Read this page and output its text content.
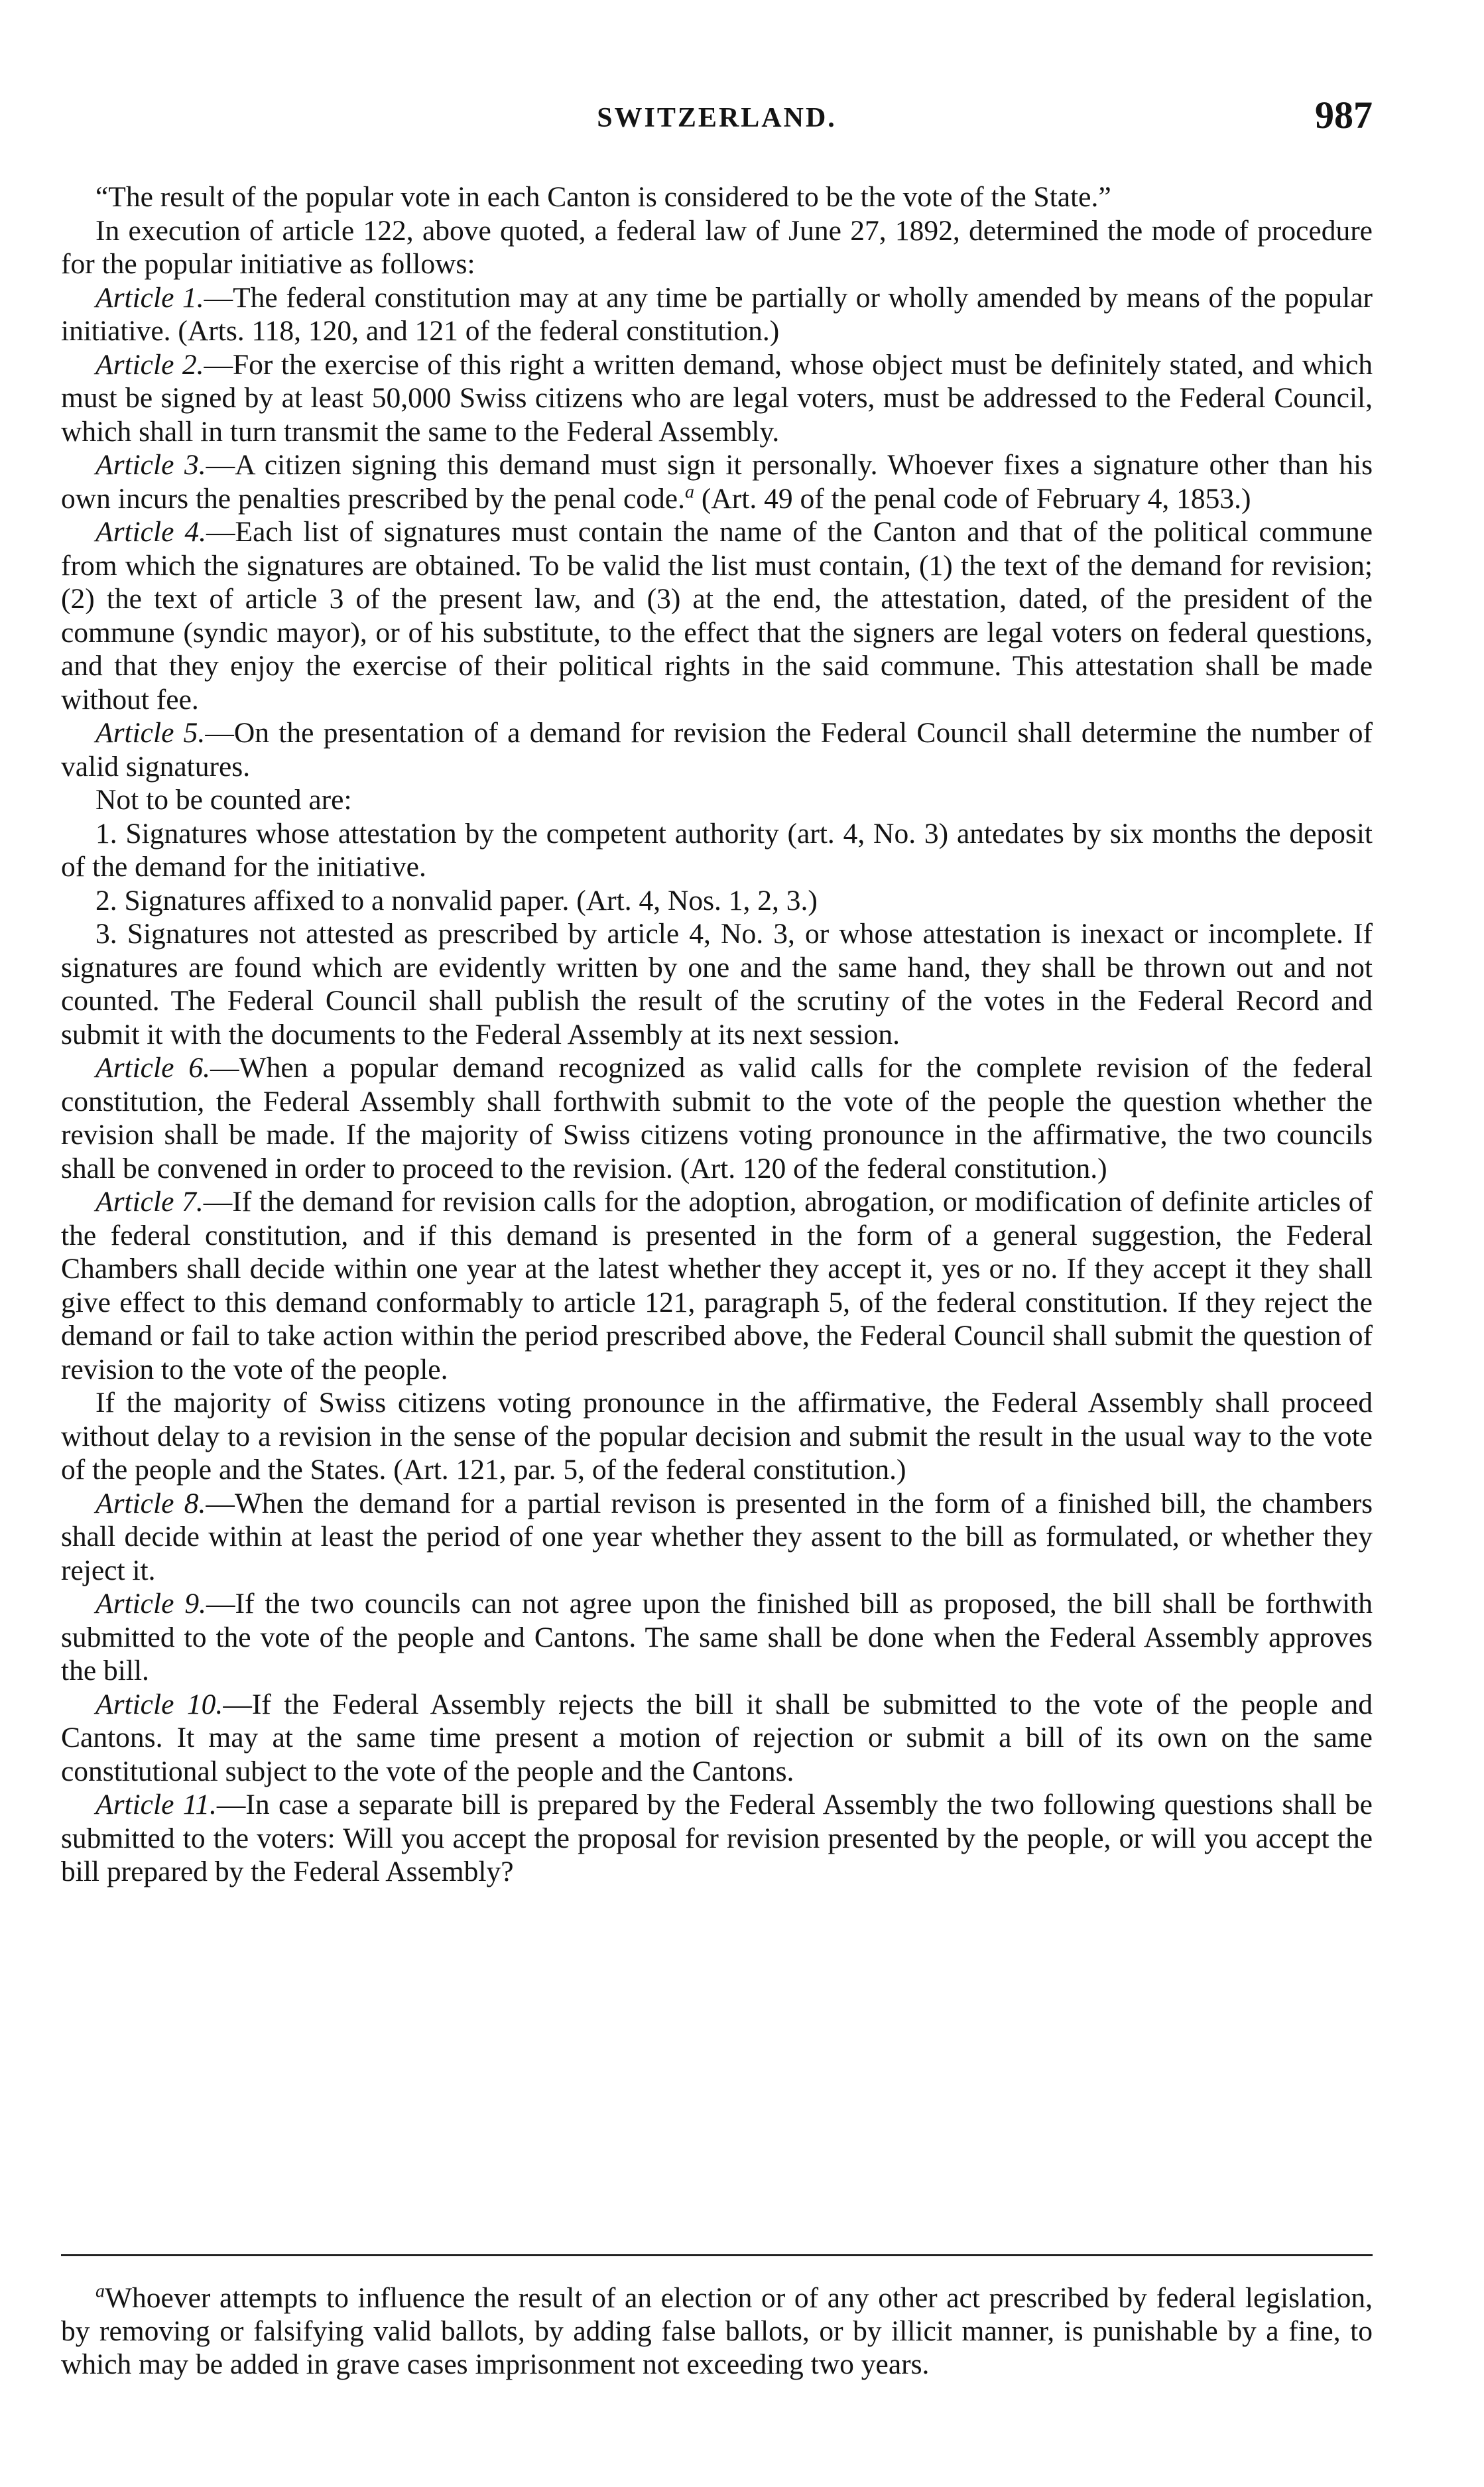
SWITZERLAND.	987

“The result of the popular vote in each Canton is considered to be the vote of the State.”

In execution of article 122, above quoted, a federal law of June 27, 1892, determined the mode of procedure for the popular initiative as follows:

Article 1.—The federal constitution may at any time be partially or wholly amended by means of the popular initiative. (Arts. 118, 120, and 121 of the federal constitution.)

Article 2.—For the exercise of this right a written demand, whose object must be definitely stated, and which must be signed by at least 50,000 Swiss citizens who are legal voters, must be addressed to the Federal Council, which shall in turn transmit the same to the Federal Assembly.

Article 3.—A citizen signing this demand must sign it personally. Whoever fixes a signature other than his own incurs the penalties prescribed by the penal code.$^a$ (Art. 49 of the penal code of February 4, 1853.)

Article 4.—Each list of signatures must contain the name of the Canton and that of the political commune from which the signatures are obtained. To be valid the list must contain, (1) the text of the demand for revision; (2) the text of article 3 of the present law, and (3) at the end, the attestation, dated, of the president of the commune (syndic mayor), or of his substitute, to the effect that the signers are legal voters on federal questions, and that they enjoy the exercise of their political rights in the said commune. This attestation shall be made without fee.

Article 5.—On the presentation of a demand for revision the Federal Council shall determine the number of valid signatures.

Not to be counted are:

1. Signatures whose attestation by the competent authority (art. 4, No. 3) antedates by six months the deposit of the demand for the initiative.

2. Signatures affixed to a nonvalid paper. (Art. 4, Nos. 1, 2, 3.)

3. Signatures not attested as prescribed by article 4, No. 3, or whose attestation is inexact or incomplete. If signatures are found which are evidently written by one and the same hand, they shall be thrown out and not counted. The Federal Council shall publish the result of the scrutiny of the votes in the Federal Record and submit it with the documents to the Federal Assembly at its next session.

Article 6.—When a popular demand recognized as valid calls for the complete revision of the federal constitution, the Federal Assembly shall forthwith submit to the vote of the people the question whether the revision shall be made. If the majority of Swiss citizens voting pronounce in the affirmative, the two councils shall be convened in order to proceed to the revision. (Art. 120 of the federal constitution.)

Article 7.—If the demand for revision calls for the adoption, abrogation, or modification of definite articles of the federal constitution, and if this demand is presented in the form of a general suggestion, the Federal Chambers shall decide within one year at the latest whether they accept it, yes or no. If they accept it they shall give effect to this demand conformably to article 121, paragraph 5, of the federal constitution. If they reject the demand or fail to take action within the period prescribed above, the Federal Council shall submit the question of revision to the vote of the people.

If the majority of Swiss citizens voting pronounce in the affirmative, the Federal Assembly shall proceed without delay to a revision in the sense of the popular decision and submit the result in the usual way to the vote of the people and the States. (Art. 121, par. 5, of the federal constitution.)

Article 8.—When the demand for a partial revison is presented in the form of a finished bill, the chambers shall decide within at least the period of one year whether they assent to the bill as formulated, or whether they reject it.

Article 9.—If the two councils can not agree upon the finished bill as proposed, the bill shall be forthwith submitted to the vote of the people and Cantons. The same shall be done when the Federal Assembly approves the bill.

Article 10.—If the Federal Assembly rejects the bill it shall be submitted to the vote of the people and Cantons. It may at the same time present a motion of rejection or submit a bill of its own on the same constitutional subject to the vote of the people and the Cantons.

Article 11.—In case a separate bill is prepared by the Federal Assembly the two following questions shall be submitted to the voters: Will you accept the proposal for revision presented by the people, or will you accept the bill prepared by the Federal Assembly?

$^a$Whoever attempts to influence the result of an election or of any other act prescribed by federal legislation, by removing or falsifying valid ballots, by adding false ballots, or by illicit manner, is punishable by a fine, to which may be added in grave cases imprisonment not exceeding two years.
